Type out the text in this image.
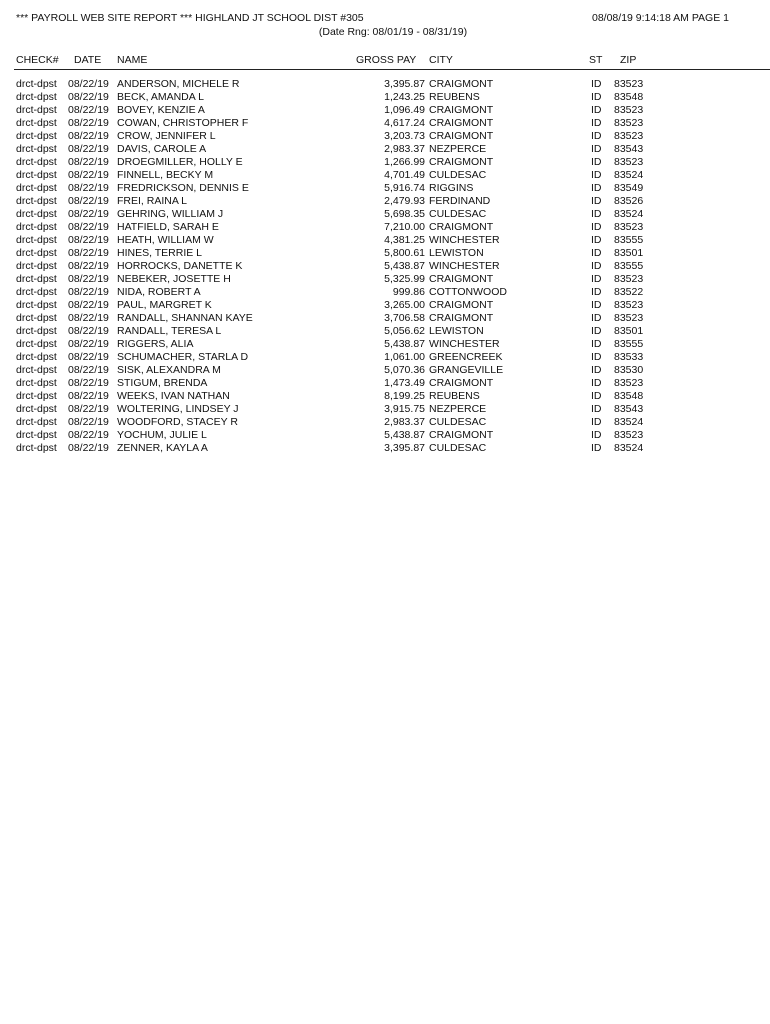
*** PAYROLL WEB SITE REPORT *** HIGHLAND JT SCHOOL DIST #305	08/08/19 9:14:18 AM PAGE 1
(Date Rng: 08/01/19 - 08/31/19)
CHECK# DATE NAME	GROSS PAY CITY	ST ZIP
drct-dpst 08/22/19 ANDERSON, MICHELE R	3,395.87 CRAIGMONT	ID 83523
drct-dpst 08/22/19 BECK, AMANDA L	1,243.25 REUBENS	ID 83548
drct-dpst 08/22/19 BOVEY, KENZIE A	1,096.49 CRAIGMONT	ID 83523
drct-dpst 08/22/19 COWAN, CHRISTOPHER F	4,617.24 CRAIGMONT	ID 83523
drct-dpst 08/22/19 CROW, JENNIFER L	3,203.73 CRAIGMONT	ID 83523
drct-dpst 08/22/19 DAVIS, CAROLE A	2,983.37 NEZPERCE	ID 83543
drct-dpst 08/22/19 DROEGMILLER, HOLLY E	1,266.99 CRAIGMONT	ID 83523
drct-dpst 08/22/19 FINNELL, BECKY M	4,701.49 CULDESAC	ID 83524
drct-dpst 08/22/19 FREDRICKSON, DENNIS E	5,916.74 RIGGINS	ID 83549
drct-dpst 08/22/19 FREI, RAINA L	2,479.93 FERDINAND	ID 83526
drct-dpst 08/22/19 GEHRING, WILLIAM J	5,698.35 CULDESAC	ID 83524
drct-dpst 08/22/19 HATFIELD, SARAH E	7,210.00 CRAIGMONT	ID 83523
drct-dpst 08/22/19 HEATH, WILLIAM W	4,381.25 WINCHESTER	ID 83555
drct-dpst 08/22/19 HINES, TERRIE L	5,800.61 LEWISTON	ID 83501
drct-dpst 08/22/19 HORROCKS, DANETTE K	5,438.87 WINCHESTER	ID 83555
drct-dpst 08/22/19 NEBEKER, JOSETTE H	5,325.99 CRAIGMONT	ID 83523
drct-dpst 08/22/19 NIDA, ROBERT A	999.86 COTTONWOOD	ID 83522
drct-dpst 08/22/19 PAUL, MARGRET K	3,265.00 CRAIGMONT	ID 83523
drct-dpst 08/22/19 RANDALL, SHANNAN KAYE	3,706.58 CRAIGMONT	ID 83523
drct-dpst 08/22/19 RANDALL, TERESA L	5,056.62 LEWISTON	ID 83501
drct-dpst 08/22/19 RIGGERS, ALIA	5,438.87 WINCHESTER	ID 83555
drct-dpst 08/22/19 SCHUMACHER, STARLA D	1,061.00 GREENCREEK	ID 83533
drct-dpst 08/22/19 SISK, ALEXANDRA M	5,070.36 GRANGEVILLE	ID 83530
drct-dpst 08/22/19 STIGUM, BRENDA	1,473.49 CRAIGMONT	ID 83523
drct-dpst 08/22/19 WEEKS, IVAN NATHAN	8,199.25 REUBENS	ID 83548
drct-dpst 08/22/19 WOLTERING, LINDSEY J	3,915.75 NEZPERCE	ID 83543
drct-dpst 08/22/19 WOODFORD, STACEY R	2,983.37 CULDESAC	ID 83524
drct-dpst 08/22/19 YOCHUM, JULIE L	5,438.87 CRAIGMONT	ID 83523
drct-dpst 08/22/19 ZENNER, KAYLA A	3,395.87 CULDESAC	ID 83524
